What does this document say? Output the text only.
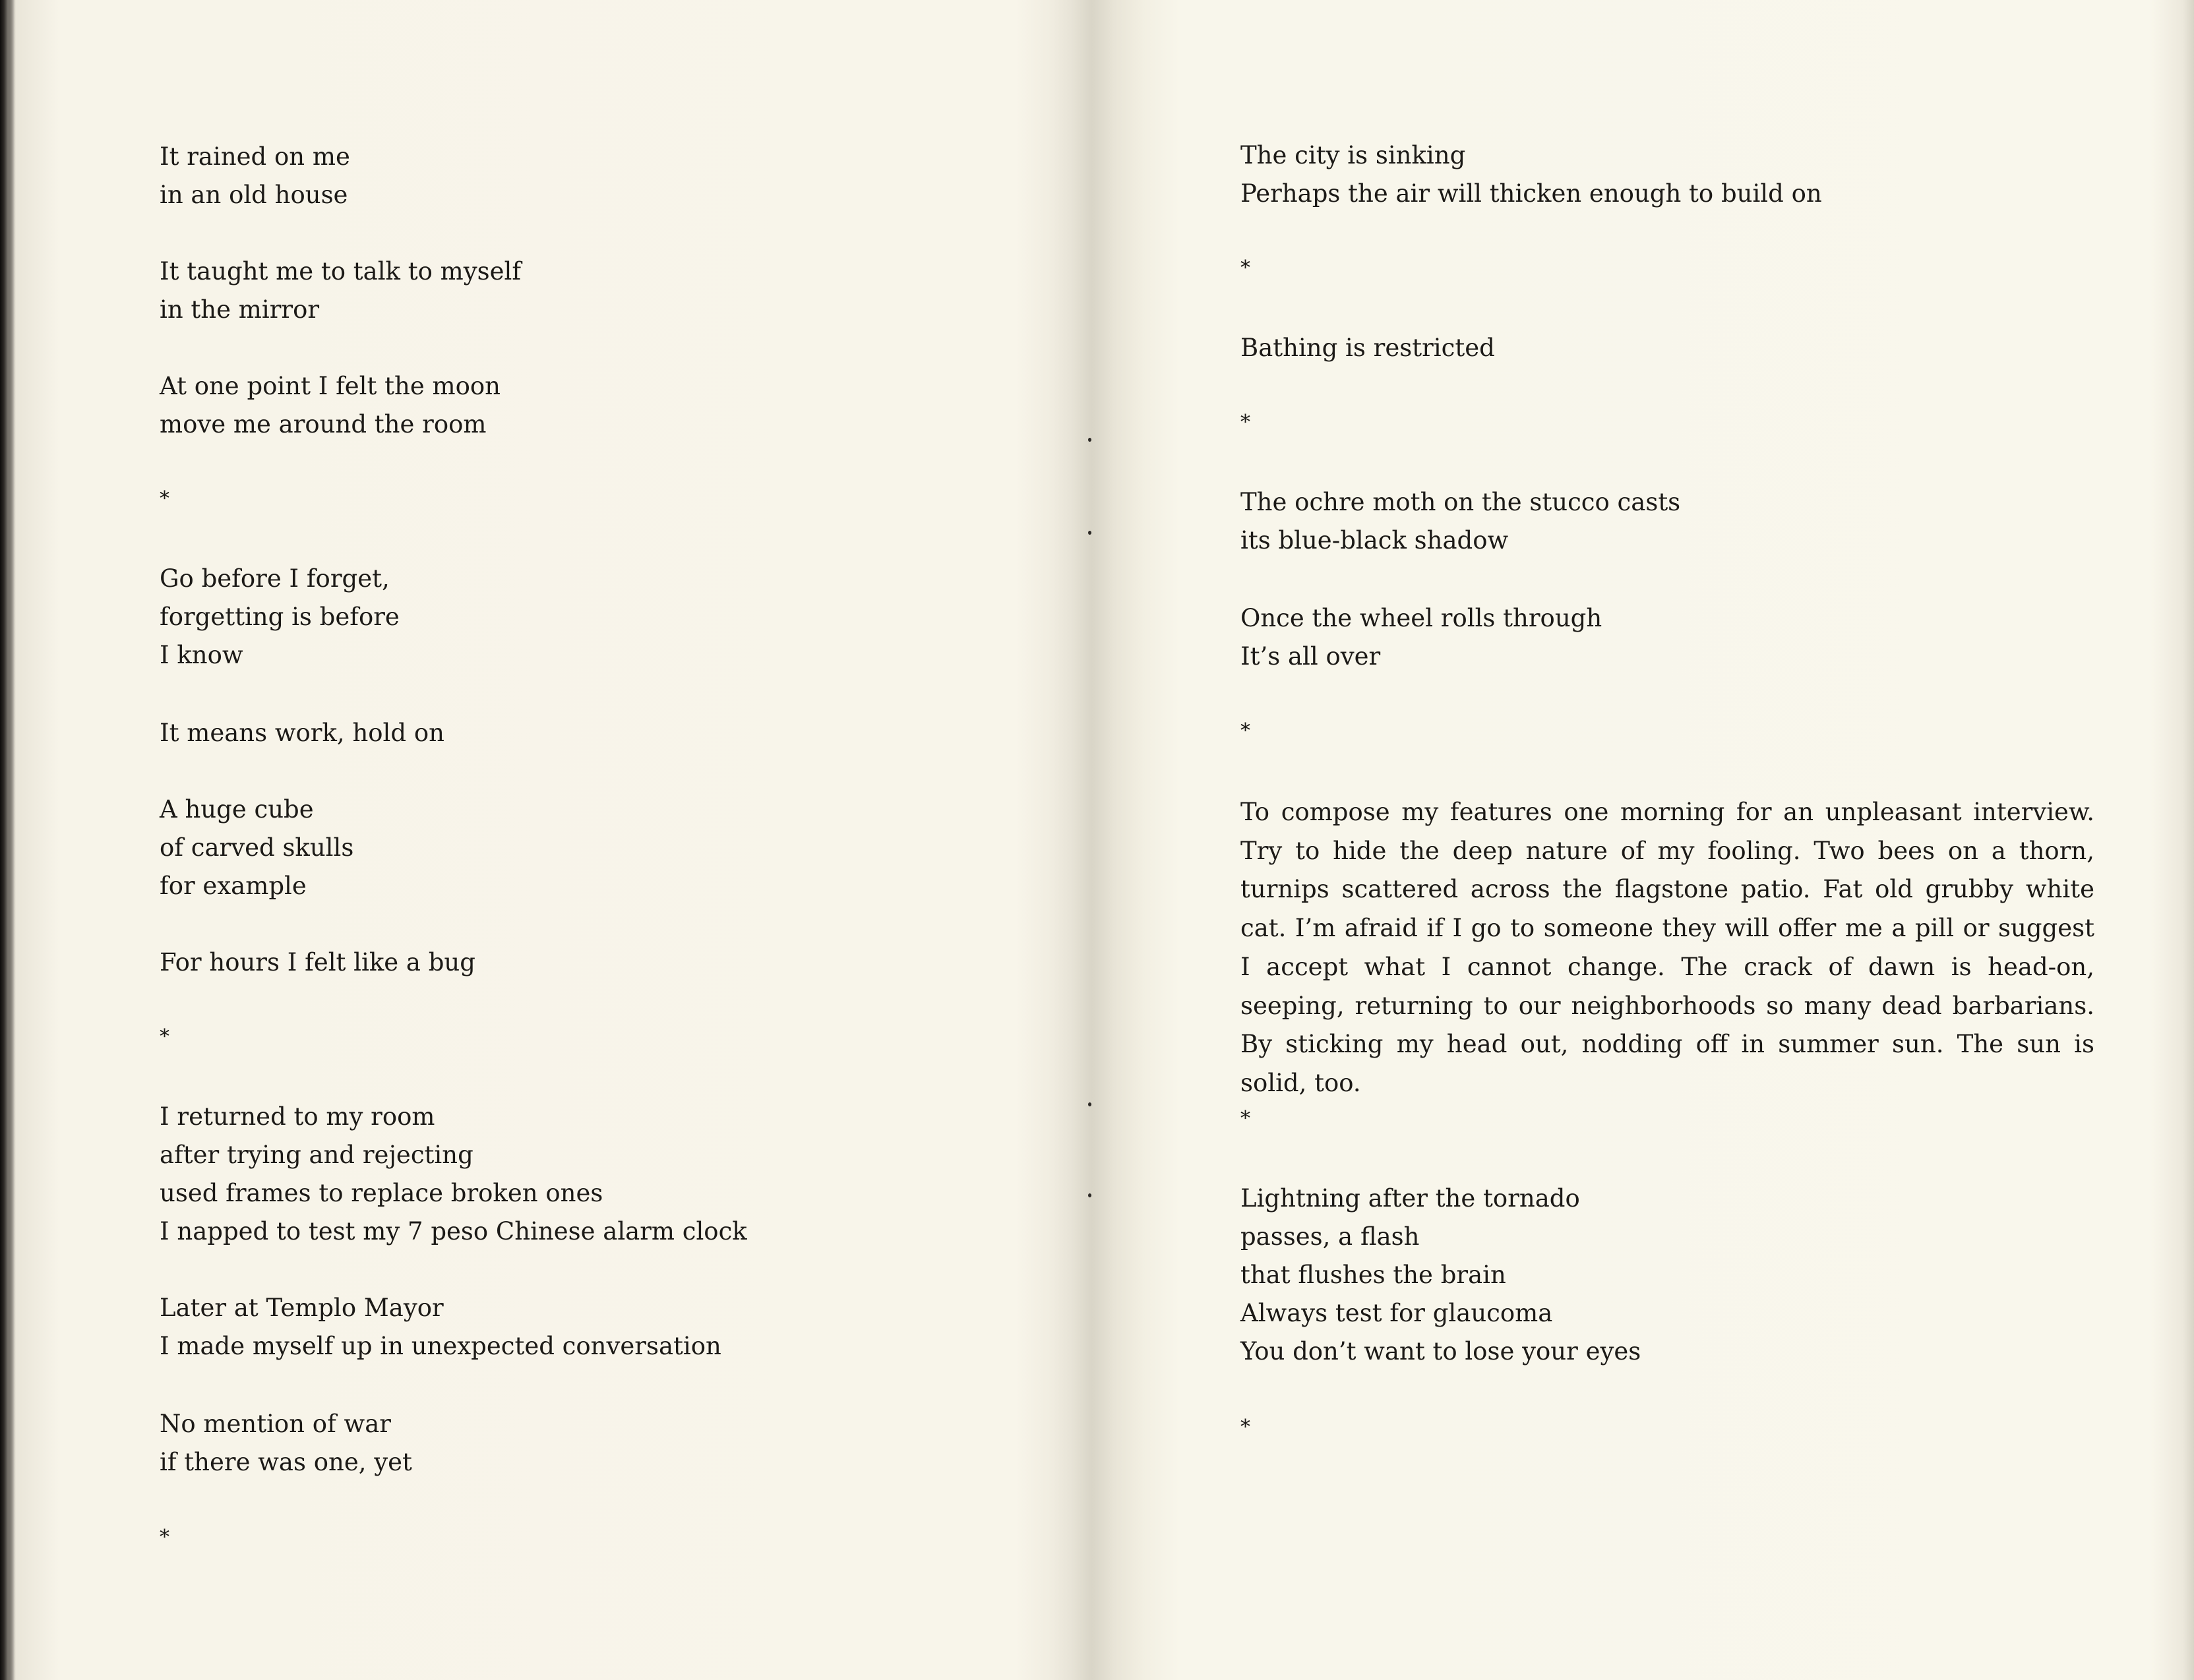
It rained on me
in an old house
It taught me to talk to myself
in the mirror
At one point I felt the moon
move me around the room
*
Go before I forget,
forgetting is before
I know
It means work, hold on
A huge cube
of carved skulls
for example
For hours I felt like a bug
*
I returned to my room
after trying and rejecting
used frames to replace broken ones
I napped to test my 7 peso Chinese alarm clock
Later at Templo Mayor
I made myself up in unexpected conversation
No mention of war
if there was one, yet
*
The city is sinking
Perhaps the air will thicken enough to build on
*
Bathing is restricted
*
The ochre moth on the stucco casts
its blue-black shadow
Once the wheel rolls through
It’s all over
*

To compose my features one morning for an unpleasant interview. Try to hide the deep nature of my fooling. Two bees on a thorn, turnips scattered across the flagstone patio. Fat old grubby white cat. I’m afraid if I go to someone they will offer me a pill or suggest I accept what I cannot change. The crack of dawn is head-on, seeping, returning to our neighborhoods so many dead barbarians. By sticking my head out, nodding off in summer sun. The sun is solid, too.

*
Lightning after the tornado
passes, a flash
that flushes the brain
Always test for glaucoma
You don’t want to lose your eyes
*
